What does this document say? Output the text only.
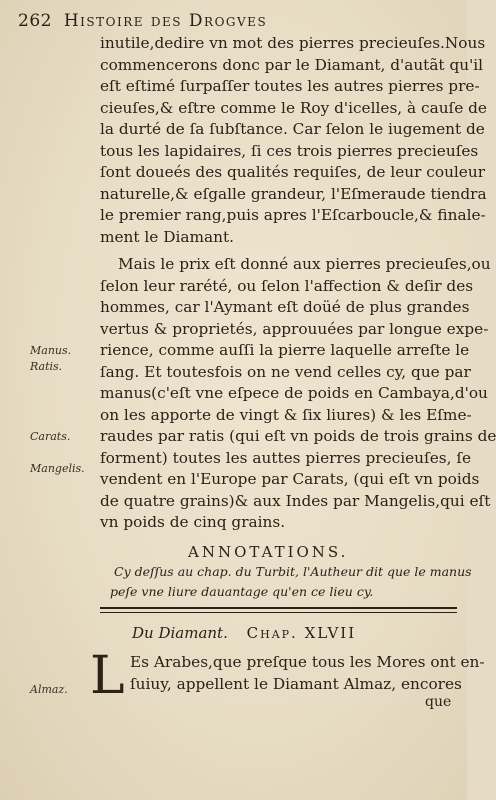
262 Histoire des Drogves
inutile,dedire vn mot des pierres precieuſes.Nous
commencerons donc par le Diamant, d'autãt qu'il
eſt eſtimé ſurpaſſer toutes les autres pierres pre-
cieuſes,& eſtre comme le Roy d'icelles, à cauſe de
la durté de ſa ſubſtance. Car ſelon le iugement de
tous les lapidaires, ſi ces trois pierres precieuſes
ſont doueés des qualités requiſes, de leur couleur
naturelle,& eſgalle grandeur, l'Eſmeraude tiendra
le premier rang,puis apres l'Eſcarboucle,& finale-
ment le Diamant.
Mais le prix eſt donné aux pierres precieuſes,ou
ſelon leur rarété, ou ſelon l'affection & deſir des
hommes, car l'Aymant eſt doüé de plus grandes
vertus & proprietés, approuuées par longue expe-
rience, comme auſſi la pierre laquelle arreſte le
ſang. Et toutesfois on ne vend celles cy, que par
manus(c'eſt vne eſpece de poids en Cambaya,d'ou
on les apporte de vingt & ſix liures) & les Eſme-
raudes par ratis (qui eſt vn poids de trois grains de
forment) toutes les auttes pierres precieuſes, ſe
vendent en l'Europe par Carats, (qui eſt vn poids
de quatre grains)& aux Indes par Mangelis,qui eſt
vn poids de cinq grains.
Manus.
Ratis.
Carats.
Mangelis.
Almaz.
ANNOTATIONS.
Cy deſſus au chap. du Turbit, l'Autheur dit que le manus
peſe vne liure dauantage qu'en ce lieu cy.
Du Diamant. Chap. XLVII
L Es Arabes,que preſque tous les Mores ont en-
ſuiuy, appellent le Diamant Almaz, encores
que
